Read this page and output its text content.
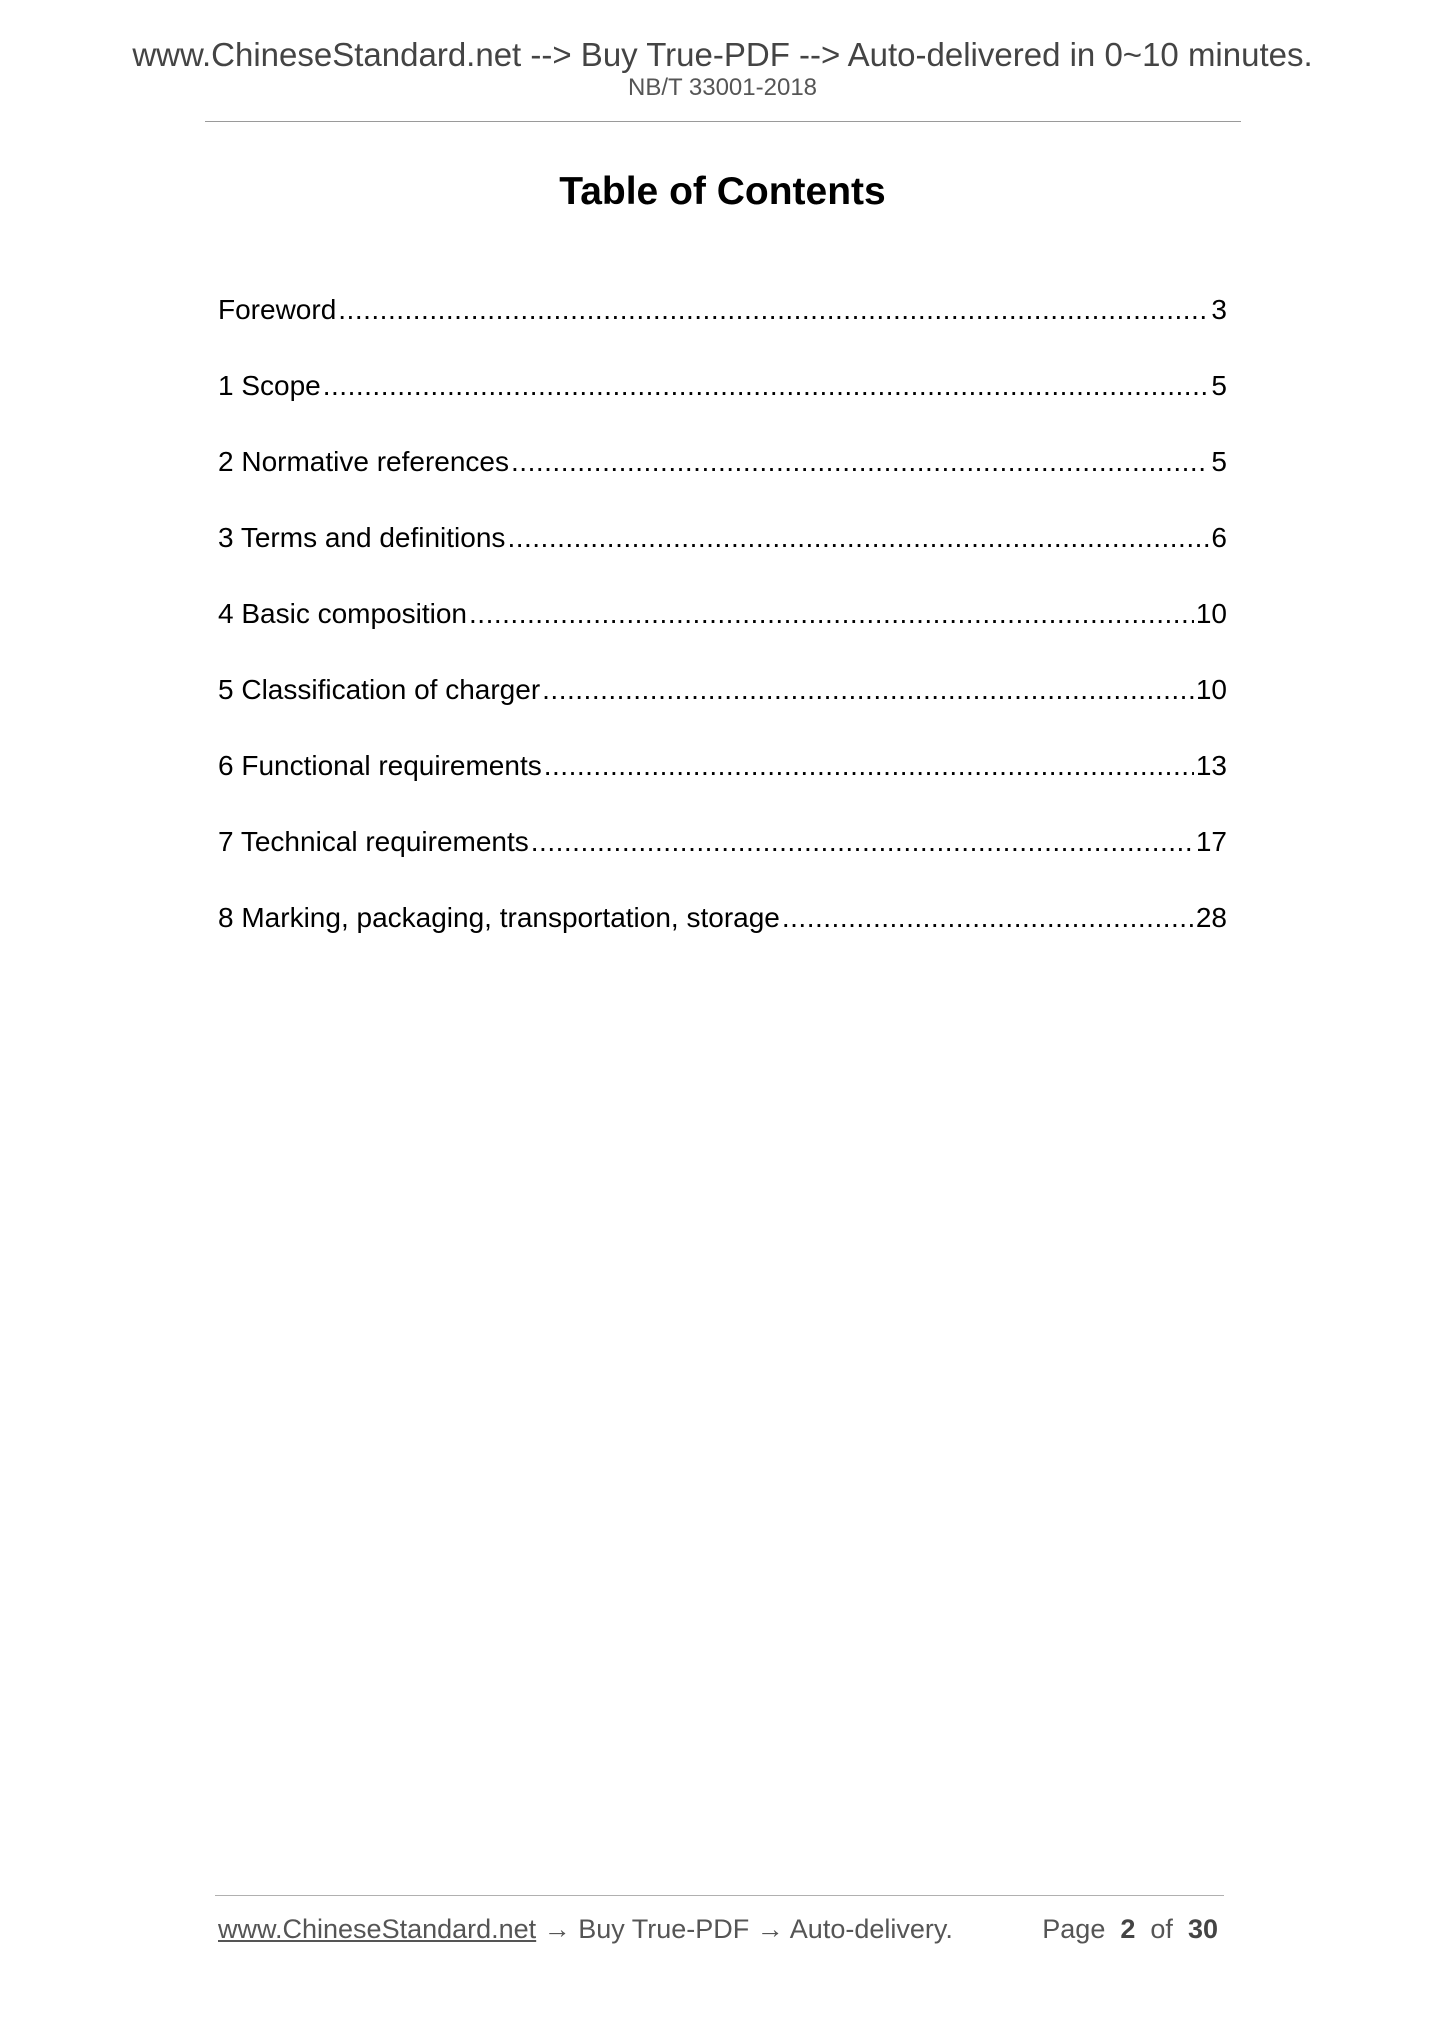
www.ChineseStandard.net --> Buy True-PDF --> Auto-delivered in 0~10 minutes.
NB/T 33001-2018
Table of Contents
Foreword .....	3
1 Scope .....	5
2 Normative references .....	5
3 Terms and definitions .....	6
4 Basic composition .....	10
5 Classification of charger .....	10
6 Functional requirements .....	13
7 Technical requirements .....	17
8 Marking, packaging, transportation, storage .....	28
www.ChineseStandard.net → Buy True-PDF → Auto-delivery.	Page 2 of 30
